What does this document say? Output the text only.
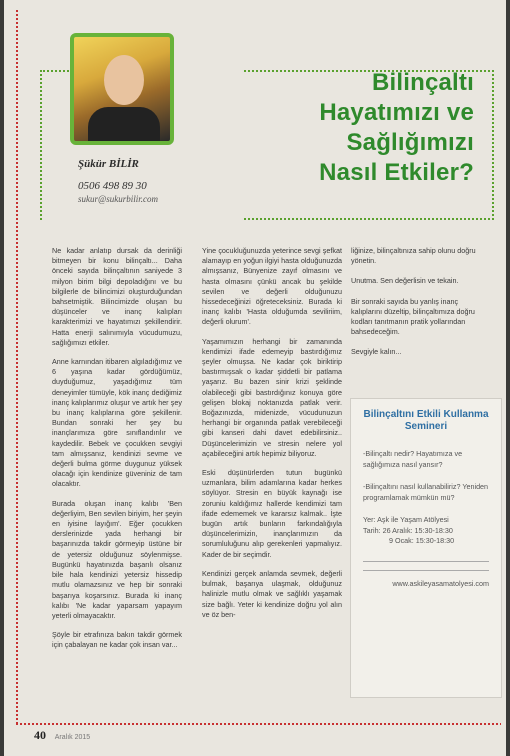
Şükür BİLİR
0506 498 89 30
sukur@sukurbilir.com
Bilinçaltı
Hayatımızı ve
Sağlığımızı
Nasıl Etkiler?

Ne kadar anlatıp dursak da derinliği bitmeyen bir konu bilinçaltı... Daha önceki sayıda bilinçaltının saniyede 3 milyon birim bilgi depoladığını ve bu bilgilerle de bilincimizi oluşturduğundan bahsetmiştik. Bilincimizde oluşan bu düşünceler ve inanç kalıpları karakterimizi ve hayatımızı şekillendirir. Hatta enerji salınımıyla vücudumuzu, sağlığımızı etkiler.

Anne karnından itibaren algıladığımız ve 6 yaşına kadar gördüğümüz, duyduğumuz, yaşadığımız tüm deneyimler tümüyle, kök inanç dediğimiz inanç kalıplarımız oluşur ve artık her şey bu inanç kalıplarına göre şekillenir. Bundan sonraki her şey bu inançlarımıza göre sınıflandırılır ve kaydedilir. Bebek ve çocukken sevgiyi tam almışsanız, kendinizi sevme ve değerli bulma görme duygunuz yüksek olacağı için kendinize güveniniz de tam olacaktır.

Burada oluşan inanç kalıbı 'Ben değerliyim, Ben sevilen biriyim, her şeyin en iyisine layığım'. Eğer çocukken derslerinizde yada herhangi bir başarınızda takdir görmeyip üstüne bir de yetersiz olduğunuz söylenmişse. Bugünkü hayatınızda başarılı olsanız bile hala kendinizi yetersiz hissedip mutlu olamazsınız ve hep bir sonraki başarıya koşarsınız. Burada ki inanç kalıbı 'Ne kadar yaparsam yapayım yeterli olmayacaktır.

Şöyle bir etrafınıza bakın takdir görmek için çabalayan ne kadar çok insan var...

Yine çocukluğunuzda yeterince sevgi şefkat alamayıp en yoğun ilgiyi hasta olduğunuzda almışsanız, Bünyenize zayıf olmasını ve hasta olmasını çünkü ancak bu şekilde sevilen ve değerli olduğunuzu hissedeceğinizi öğreteceksiniz. Burada ki inanç kalıbı 'Hasta olduğumda seviliriim, değerli olurum'.

Yaşamımızın herhangi bir zamanında kendimizi ifade edemeyip bastırdığımız şeyler olmuşsa. Ne kadar çok biriktirip bastırmışsak o kadar şiddetli bir patlama yaşarız. Bu bazen sinir krizi şeklinde olabileceği gibi bastırdığınız konuya göre gelişen blokaj noktanızda patlak verir. Boğazınızda, midenizde, vücudunuzun herhangi bir organında patlak verebileceği gibi kanseri dahi davet edebilirsiniz.. Düşüncelerimizin ve stresin nelere yol açabileceğini artık hepimiz biliyoruz.

Eski düşünürlerden tutun bugünkü uzmanlara, bilim adamlarına kadar herkes söylüyor. Stresin en büyük kaynağı ise zoruniu kaldığımız hallerde kendimizi tam ifade edememek ve kararsız kalmak.. İşte bugün artık bunların farkındalığıyla düşüncelerimizin, inançlarımızın da sorumluluğunu alıp gerekenleri yapmalıyız. Kader de bir seçimdir.

Kendinizi gerçek anlamda sevmek, değerli bulmak, başarıya ulaşmak, olduğunuz halinizle mutlu olmak ve sağlıklı yaşamak size bağlı. Yeter ki kendinize doğru yol alın ve öz ben-

liğinize, bilinçaltınıza sahip olunu doğru yönetin.

Unutma. Sen değerlisin ve tekain.

Bir sonraki sayıda bu yanlış inanç kalıplarını düzeltip, bilinçaltımıza doğru kodları tanıtmanın pratik yollarından bahsedeceğim.

Sevgiyle kalın...

Bilinçaltını Etkili Kullanma Semineri

-Bilinçaltı nedir? Hayatımıza ve sağlığımıza nasıl yansır?

-Bilinçaltını nasıl kullanabiliriz? Yeniden programlamak mümkün mü?

Yer: Aşk ile Yaşam Atölyesi
Tarih: 26 Aralık: 15:30-18:30
9 Ocak: 15:30-18:30
www.askileyasamatolyesi.com
40 Aralık 2015
